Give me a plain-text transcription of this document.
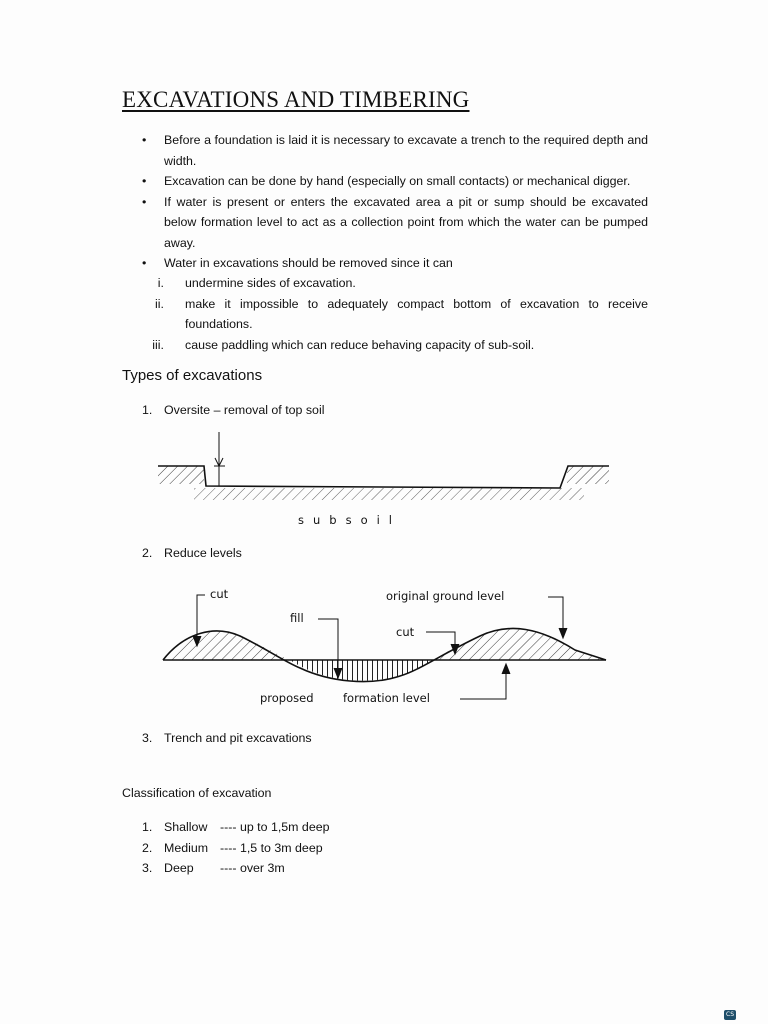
EXCAVATIONS AND TIMBERING
• Before a foundation is laid it is necessary to excavate a trench to the required depth and width.
• Excavation can be done by hand (especially on small contacts) or mechanical digger.
• If water is present or enters the excavated area a pit or sump should be excavated below formation level to act as a collection point from which the water can be pumped away.
• Water in excavations should be removed since it can
i. undermine sides of excavation.
ii. make it impossible to adequately compact bottom of excavation to receive foundations.
iii. cause paddling which can reduce behaving capacity of sub-soil.
Types of excavations
1. Oversite – removal of top soil
2. Reduce levels
3. Trench and pit excavations
subsoil
cut
fill
cut
original ground level
proposed	formation level
Classification of excavation
1. Shallow ---- up to 1,5m deep
2. Medium ---- 1,5 to 3m deep
3. Deep ---- over 3m
CS
